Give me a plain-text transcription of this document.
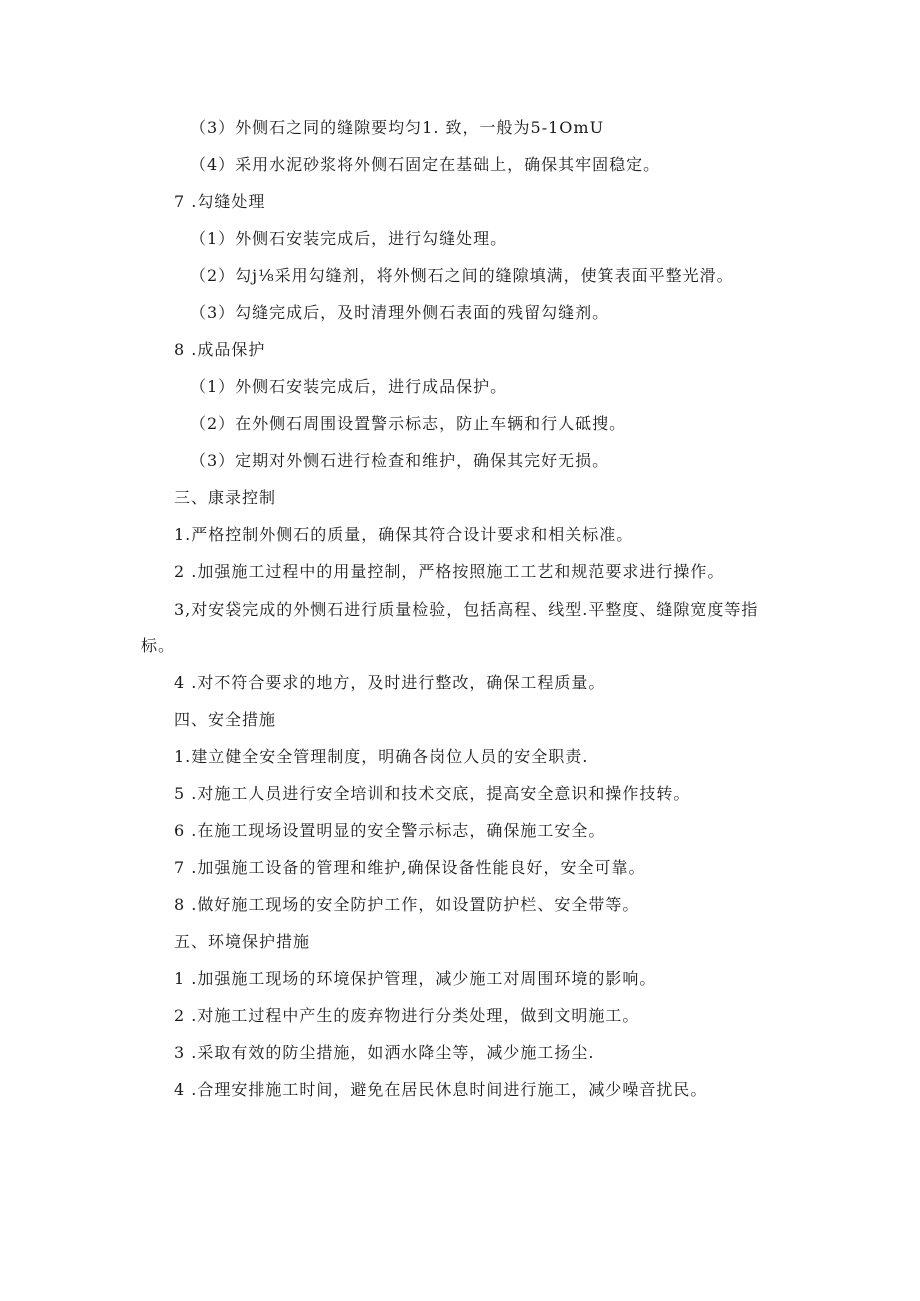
（3）外侧石之同的缝隙要均匀1. 致，一般为5-1OmU
（4）采用水泥砂浆将外侧石固定在基础上，确保其牢固稳定。
7 .勾缝处理
（1）外侧石安装完成后，进行勾缝处理。
（2）勾j⅛采用勾缝剂，将外恻石之间的缝隙填满，使箕表面平整光滑。
（3）勾缝完成后，及时清理外侧石表面的残留勾缝剂。
8 .成品保护
（1）外侧石安装完成后，进行成品保护。
（2）在外侧石周围设置警示标志，防止车辆和行人砥搜。
（3）定期对外恻石进行检查和维护，确保其完好无损。
三、康录控制
1.严格控制外侧石的质量，确保其符合设计要求和相关标准。
2 .加强施工过程中的用量控制，严格按照施工工艺和规范要求进行操作。
3,对安袋完成的外恻石进行质量检验，包括高程、线型.平整度、缝隙宽度等指标。
4 .对不符合要求的地方，及时进行整改，确保工程质量。
四、安全措施
1.建立健全安全管理制度，明确各岗位人员的安全职责.
5 .对施工人员进行安全培训和技术交底，提高安全意识和操作技转。
6 .在施工现场设置明显的安全警示标志，确保施工安全。
7 .加强施工设备的管理和维护,确保设备性能良好，安全可靠。
8 .做好施工现场的安全防护工作，如设置防护栏、安全带等。
五、环境保护措施
1 .加强施工现场的环境保护管理，减少施工对周围环境的影响。
2 .对施工过程中产生的废弃物进行分类处理，做到文明施工。
3 .采取有效的防尘措施，如洒水降尘等，减少施工扬尘.
4 .合理安排施工时间，避免在居民休息时间进行施工，减少噪音扰民。
